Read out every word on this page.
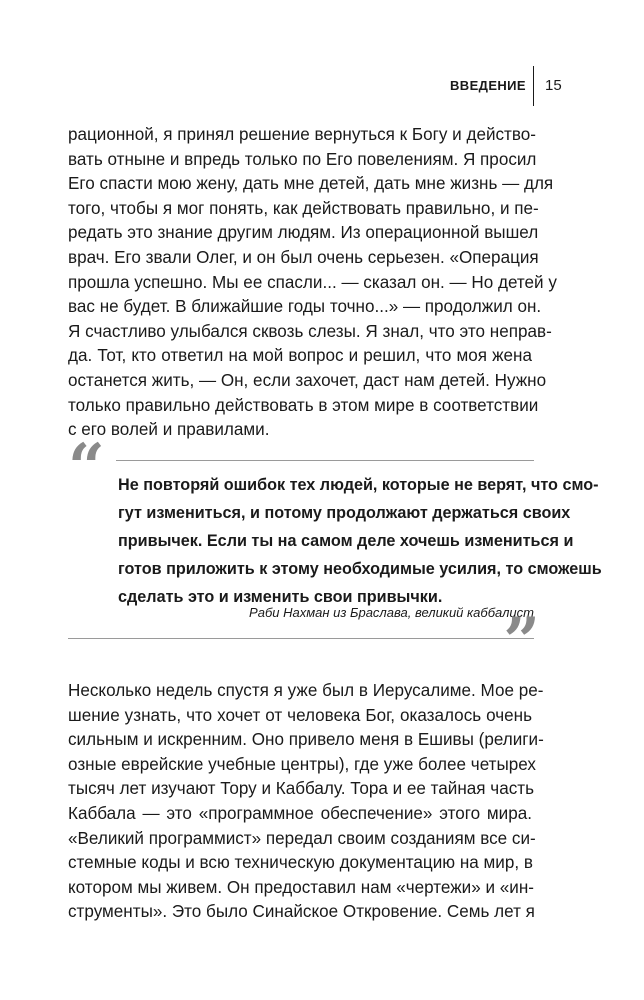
ВВЕДЕНИЕ 15
рационной, я принял решение вернуться к Богу и действо-
вать отныне и впредь только по Его повелениям. Я просил
Его спасти мою жену, дать мне детей, дать мне жизнь — для
того, чтобы я мог понять, как действовать правильно, и пе-
редать это знание другим людям. Из операционной вышел
врач. Его звали Олег, и он был очень серьезен. «Операция
прошла успешно. Мы ее спасли... — сказал он. — Но детей у
вас не будет. В ближайшие годы точно...» — продолжил он.
Я счастливо улыбался сквозь слезы. Я знал, что это неправ-
да. Тот, кто ответил на мой вопрос и решил, что моя жена
останется жить, — Он, если захочет, даст нам детей. Нужно
только правильно действовать в этом мире в соответствии
с его волей и правилами.
“ Не повторяй ошибок тех людей, которые не верят, что смо-
гут измениться, и потому продолжают держаться своих
привычек. Если ты на самом деле хочешь измениться и
готов приложить к этому необходимые усилия, то сможешь
сделать это и изменить свои привычки.
Раби Нахман из Браслава, великий каббалист
”
Несколько недель спустя я уже был в Иерусалиме. Мое ре-
шение узнать, что хочет от человека Бог, оказалось очень
сильным и искренним. Оно привело меня в Ешивы (религи-
озные еврейские учебные центры), где уже более четырех
тысяч лет изучают Тору и Каббалу. Тора и ее тайная часть
Каббала — это «программное обеспечение» этого мира.
«Великий программист» передал своим созданиям все си-
стемные коды и всю техническую документацию на мир, в
котором мы живем. Он предоставил нам «чертежи» и «ин-
струменты». Это было Синайское Откровение. Семь лет я
